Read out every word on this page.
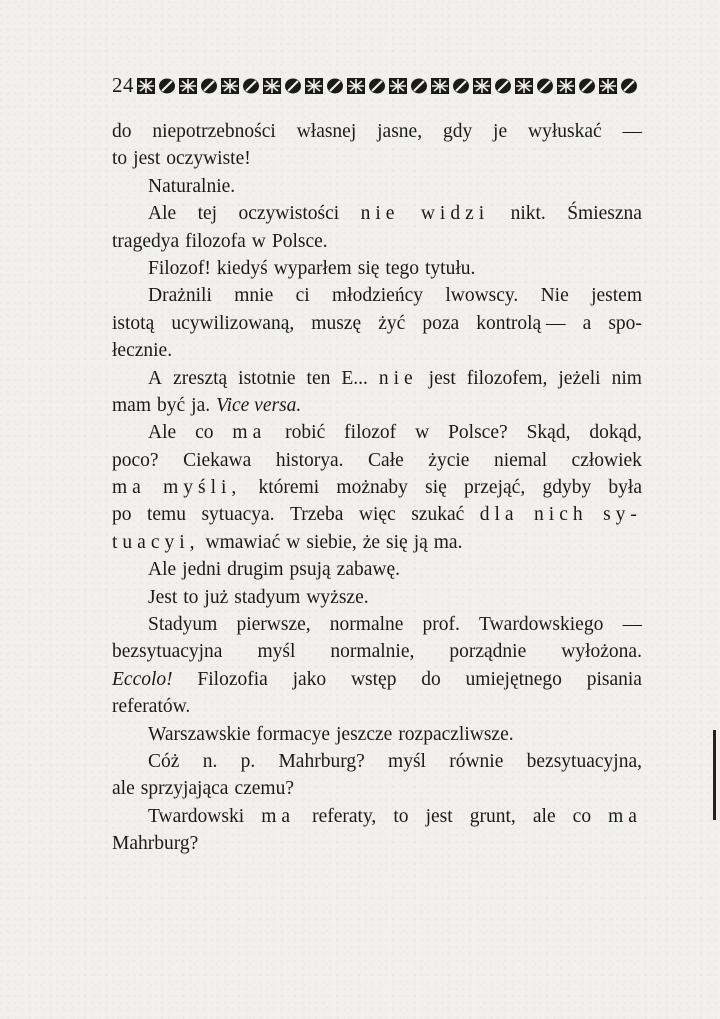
24
do niepotrzebności własnej jasne, gdy je wyłuskać —
to jest oczywiste!
Naturalnie.
Ale tej oczywistości nie widzi nikt. Śmieszna
tragedya filozofa w Polsce.
Filozof! kiedyś wyparłem się tego tytułu.
Drażnili mnie ci młodzieńcy lwowscy. Nie jestem
istotą ucywilizowaną, muszę żyć poza kontrolą — a spo-
łecznie.
A zresztą istotnie ten E... nie jest filozofem, jeżeli nim
mam być ja. Vice versa.
Ale co ma robić filozof w Polsce? Skąd, dokąd,
poco? Ciekawa historya. Całe życie niemal człowiek
ma myśli, któremi możnaby się przejąć, gdyby była
po temu sytuacya. Trzeba więc szukać dla nich sy-
tuacyi, wmawiać w siebie, że się ją ma.
Ale jedni drugim psują zabawę.
Jest to już stadyum wyższe.
Stadyum pierwsze, normalne prof. Twardowskiego —
bezsytuacyjna myśl normalnie, porządnie wyłożona.
Eccolo! Filozofia jako wstęp do umiejętnego pisania
referatów.
Warszawskie formacye jeszcze rozpaczliwsze.
Cóż n. p. Mahrburg? myśl równie bezsytuacyjna,
ale sprzyjająca czemu?
Twardowski ma referaty, to jest grunt, ale co ma
Mahrburg?
